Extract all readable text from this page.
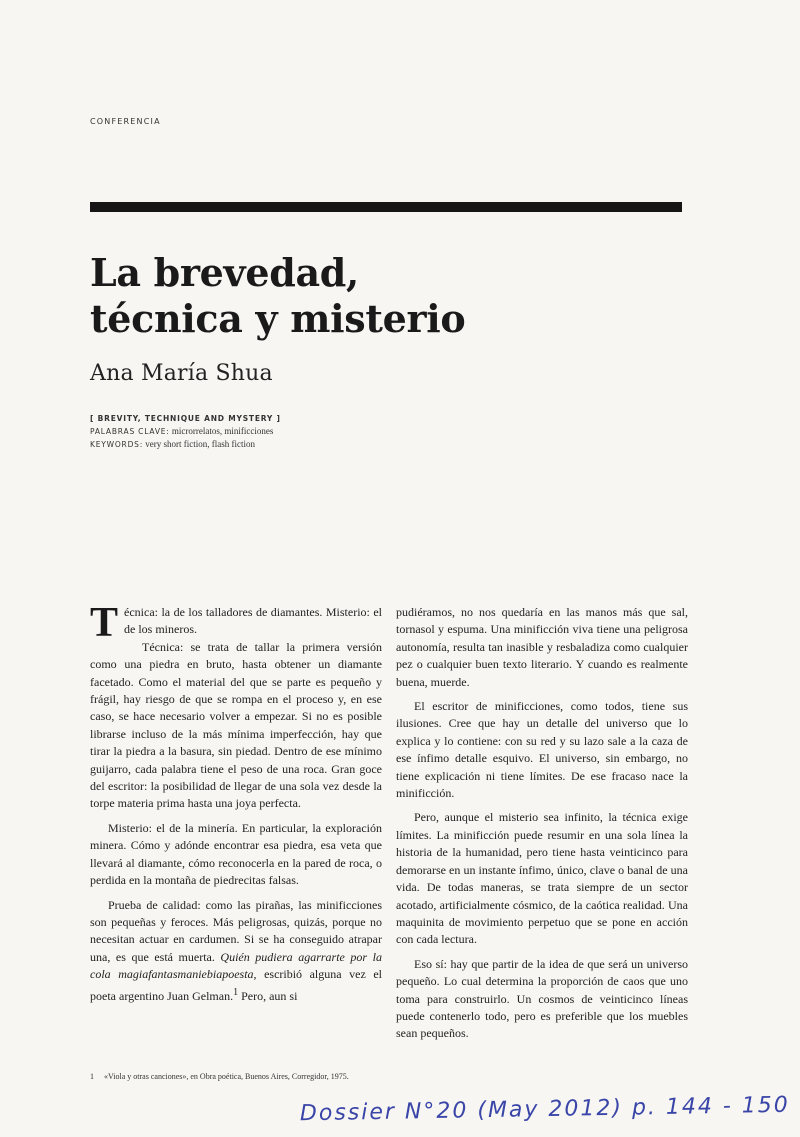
CONFERENCIA
La brevedad,
técnica y misterio
Ana María Shua
[ BREVITY, TECHNIQUE AND MYSTERY ]
PALABRAS CLAVE: microrrelatos, minificciones
KEYWORDS: very short fiction, flash fiction

Técnica: la de los talladores de diamantes. Misterio: el de los mineros.

Técnica: se trata de tallar la primera versión como una piedra en bruto, hasta obtener un diamante facetado. Como el material del que se parte es pequeño y frágil, hay riesgo de que se rompa en el proceso y, en ese caso, se hace necesario volver a empezar. Si no es posible librarse incluso de la más mínima imperfección, hay que tirar la piedra a la basura, sin piedad. Dentro de ese mínimo guijarro, cada palabra tiene el peso de una roca. Gran goce del escritor: la posibilidad de llegar de una sola vez desde la torpe materia prima hasta una joya perfecta.

Misterio: el de la minería. En particular, la exploración minera. Cómo y adónde encontrar esa piedra, esa veta que llevará al diamante, cómo reconocerla en la pared de roca, o perdida en la montaña de piedrecitas falsas.

Prueba de calidad: como las pirañas, las minificciones son pequeñas y feroces. Más peligrosas, quizás, porque no necesitan actuar en cardumen. Si se ha conseguido atrapar una, es que está muerta. Quién pudiera agarrarte por la cola magiafantasmaniebiapoesta, escribió alguna vez el poeta argentino Juan Gelman.$^1$ Pero, aun si

pudiéramos, no nos quedaría en las manos más que sal, tornasol y espuma. Una minificción viva tiene una peligrosa autonomía, resulta tan inasible y resbaladiza como cualquier pez o cualquier buen texto literario. Y cuando es realmente buena, muerde.

El escritor de minificciones, como todos, tiene sus ilusiones. Cree que hay un detalle del universo que lo explica y lo contiene: con su red y su lazo sale a la caza de ese ínfimo detalle esquivo. El universo, sin embargo, no tiene explicación ni tiene límites. De ese fracaso nace la minificción.

Pero, aunque el misterio sea infinito, la técnica exige límites. La minificción puede resumir en una sola línea la historia de la humanidad, pero tiene hasta veinticinco para demorarse en un instante ínfimo, único, clave o banal de una vida. De todas maneras, se trata siempre de un sector acotado, artificialmente cósmico, de la caótica realidad. Una maquinita de movimiento perpetuo que se pone en acción con cada lectura.

Eso sí: hay que partir de la idea de que será un universo pequeño. Lo cual determina la proporción de caos que uno toma para construirlo. Un cosmos de veinticinco líneas puede contenerlo todo, pero es preferible que los muebles sean pequeños.

1 «Viola y otras canciones», en Obra poética, Buenos Aires, Corregidor, 1975.
Dossier N°20 (May 2012) p. 144 - 150
